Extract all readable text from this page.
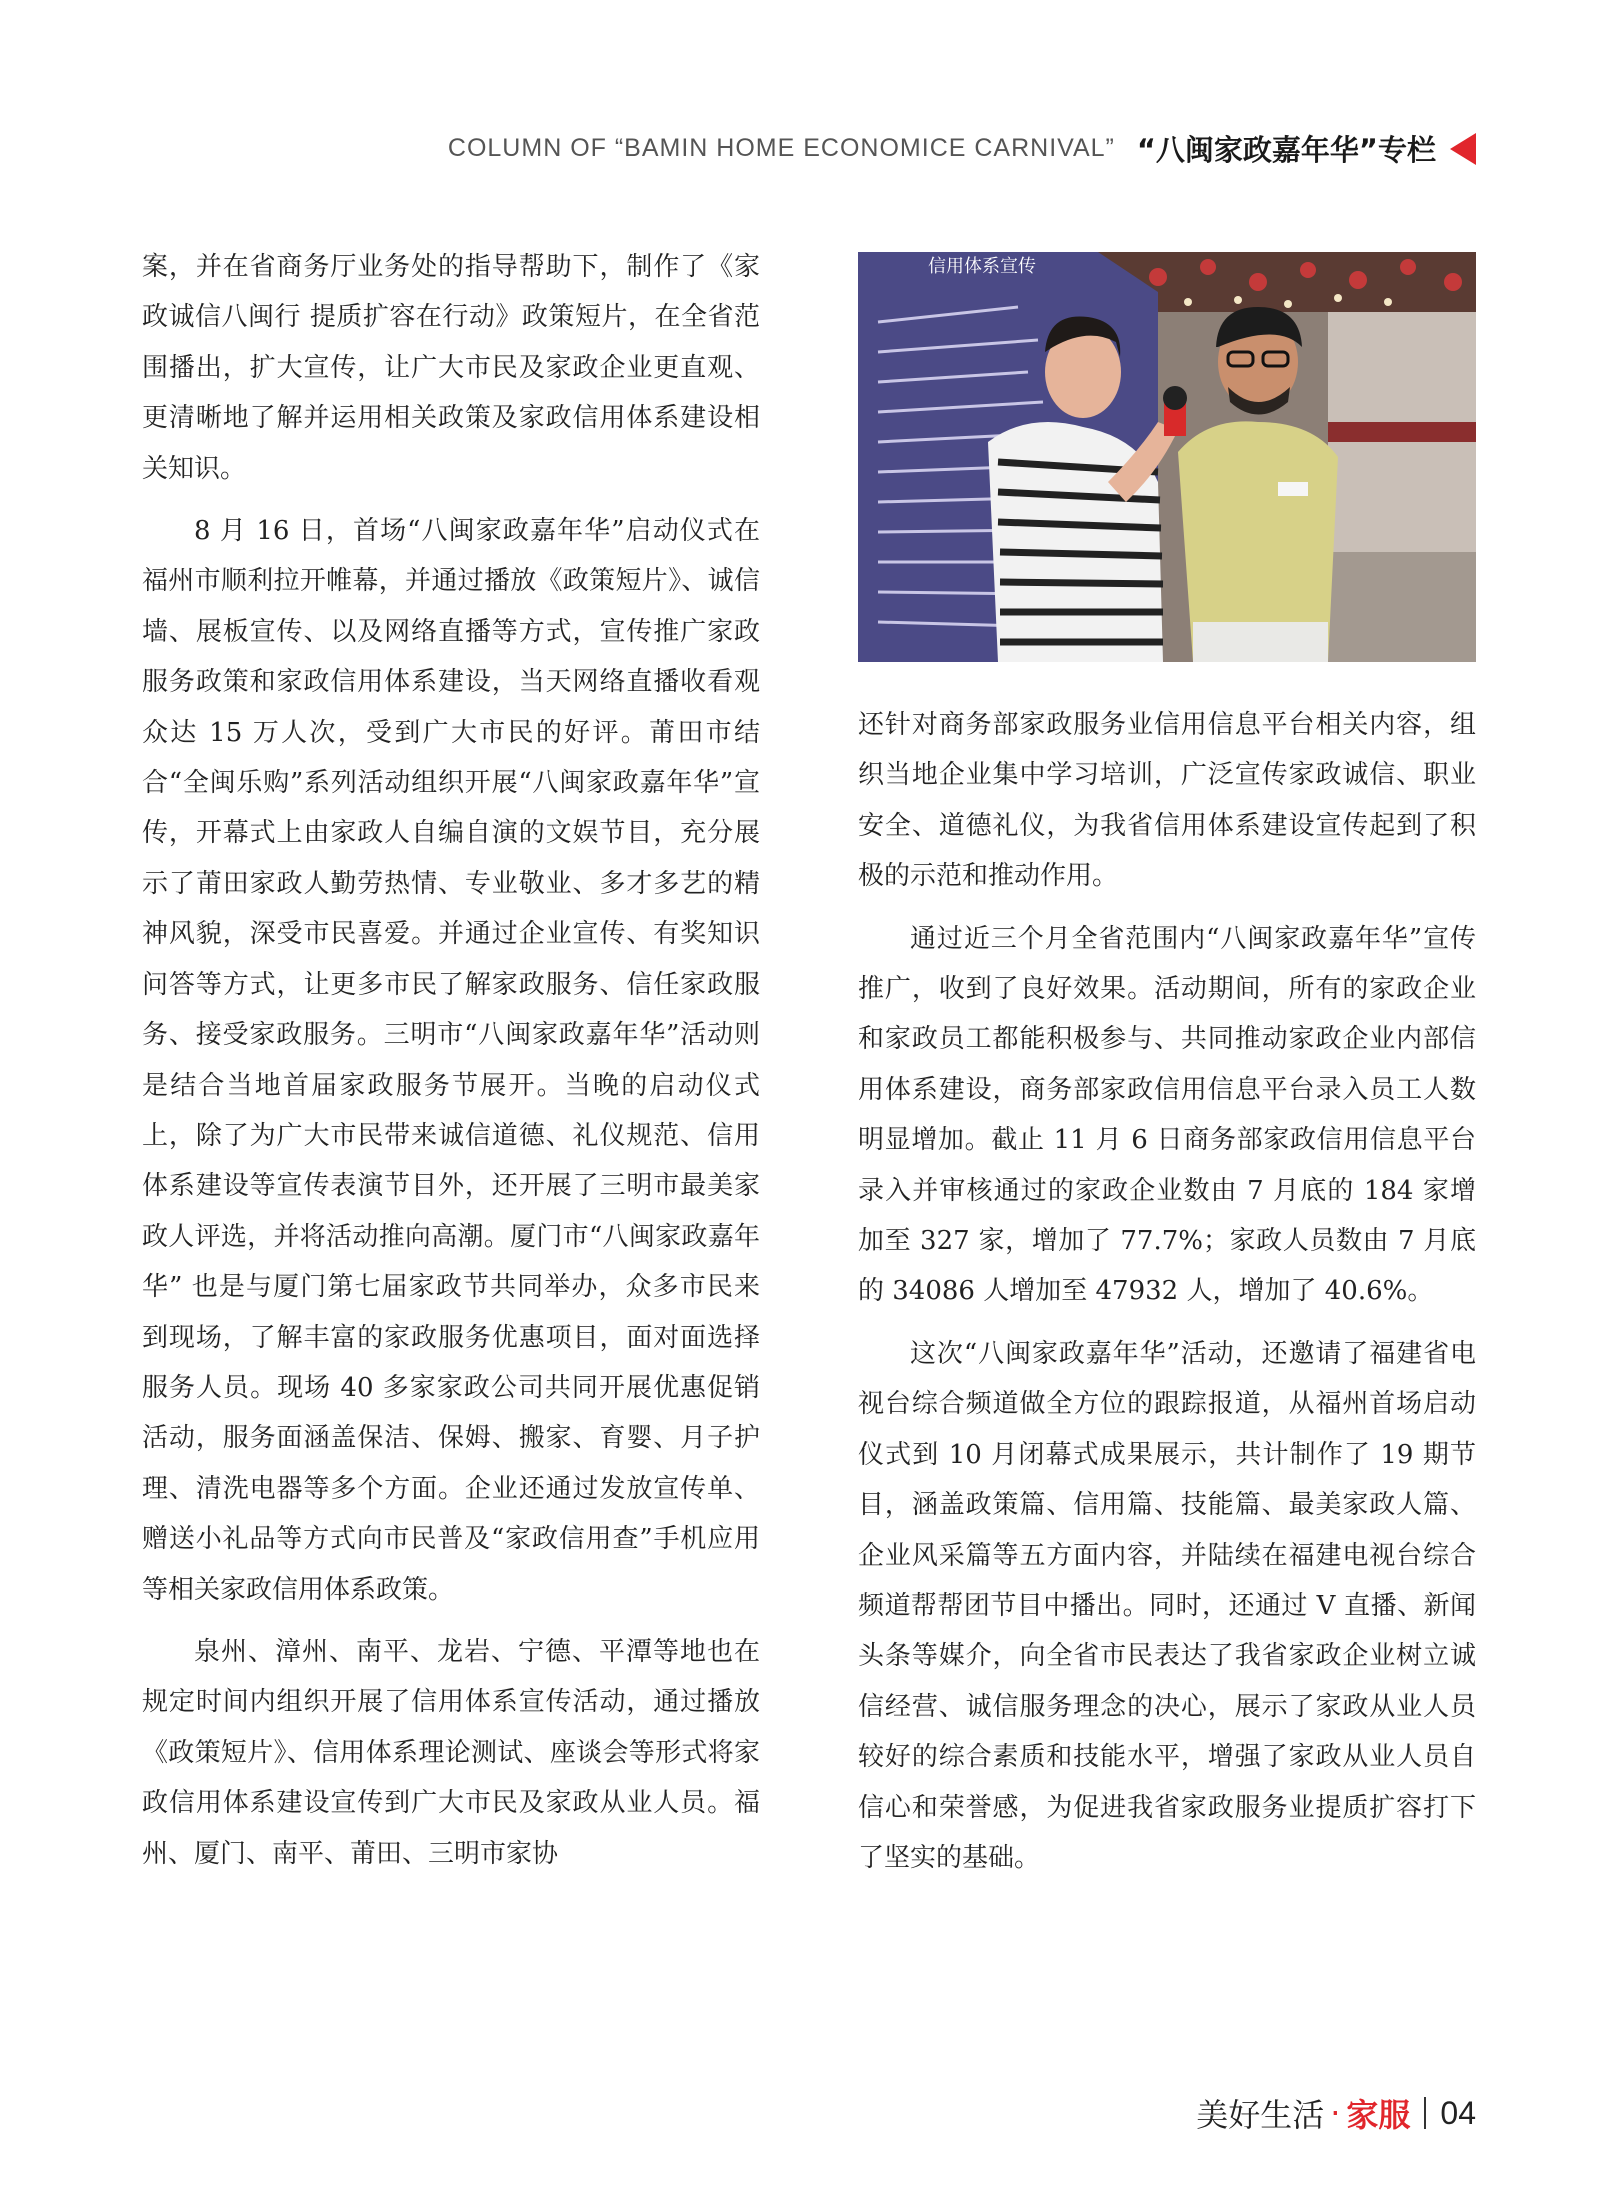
COLUMN OF “BAMIN HOME ECONOMICE CARNIVAL” “八闽家政嘉年华”专栏

案，并在省商务厅业务处的指导帮助下，制作了《家政诚信八闽行 提质扩容在行动》政策短片，在全省范围播出，扩大宣传，让广大市民及家政企业更直观、更清晰地了解并运用相关政策及家政信用体系建设相关知识。

8 月 16 日，首场“八闽家政嘉年华”启动仪式在福州市顺利拉开帷幕，并通过播放《政策短片》、诚信墙、展板宣传、以及网络直播等方式，宣传推广家政服务政策和家政信用体系建设，当天网络直播收看观众达 15 万人次，受到广大市民的好评。莆田市结合“全闽乐购”系列活动组织开展“八闽家政嘉年华”宣传，开幕式上由家政人自编自演的文娱节目，充分展示了莆田家政人勤劳热情、专业敬业、多才多艺的精神风貌，深受市民喜爱。并通过企业宣传、有奖知识问答等方式，让更多市民了解家政服务、信任家政服务、接受家政服务。三明市“八闽家政嘉年华”活动则是结合当地首届家政服务节展开。当晚的启动仪式上，除了为广大市民带来诚信道德、礼仪规范、信用体系建设等宣传表演节目外，还开展了三明市最美家政人评选，并将活动推向高潮。厦门市“八闽家政嘉年华” 也是与厦门第七届家政节共同举办，众多市民来到现场，了解丰富的家政服务优惠项目，面对面选择服务人员。现场 40 多家家政公司共同开展优惠促销活动，服务面涵盖保洁、保姆、搬家、育婴、月子护理、清洗电器等多个方面。企业还通过发放宣传单、赠送小礼品等方式向市民普及“家政信用查”手机应用等相关家政信用体系政策。

泉州、漳州、南平、龙岩、宁德、平潭等地也在规定时间内组织开展了信用体系宣传活动，通过播放《政策短片》、信用体系理论测试、座谈会等形式将家政信用体系建设宣传到广大市民及家政从业人员。福州、厦门、南平、莆田、三明市家协

信用体系宣传

还针对商务部家政服务业信用信息平台相关内容，组织当地企业集中学习培训，广泛宣传家政诚信、职业安全、道德礼仪，为我省信用体系建设宣传起到了积极的示范和推动作用。

通过近三个月全省范围内“八闽家政嘉年华”宣传推广，收到了良好效果。活动期间，所有的家政企业和家政员工都能积极参与、共同推动家政企业内部信用体系建设，商务部家政信用信息平台录入员工人数明显增加。截止 11 月 6 日商务部家政信用信息平台录入并审核通过的家政企业数由 7 月底的 184 家增加至 327 家，增加了 77.7%；家政人员数由 7 月底的 34086 人增加至 47932 人，增加了 40.6%。

这次“八闽家政嘉年华”活动，还邀请了福建省电视台综合频道做全方位的跟踪报道，从福州首场启动仪式到 10 月闭幕式成果展示，共计制作了 19 期节目，涵盖政策篇、信用篇、技能篇、最美家政人篇、企业风采篇等五方面内容，并陆续在福建电视台综合频道帮帮团节目中播出。同时，还通过 V 直播、新闻头条等媒介，向全省市民表达了我省家政企业树立诚信经营、诚信服务理念的决心，展示了家政从业人员较好的综合素质和技能水平，增强了家政从业人员自信心和荣誉感，为促进我省家政服务业提质扩容打下了坚实的基础。

美好生活 · 家服 04
